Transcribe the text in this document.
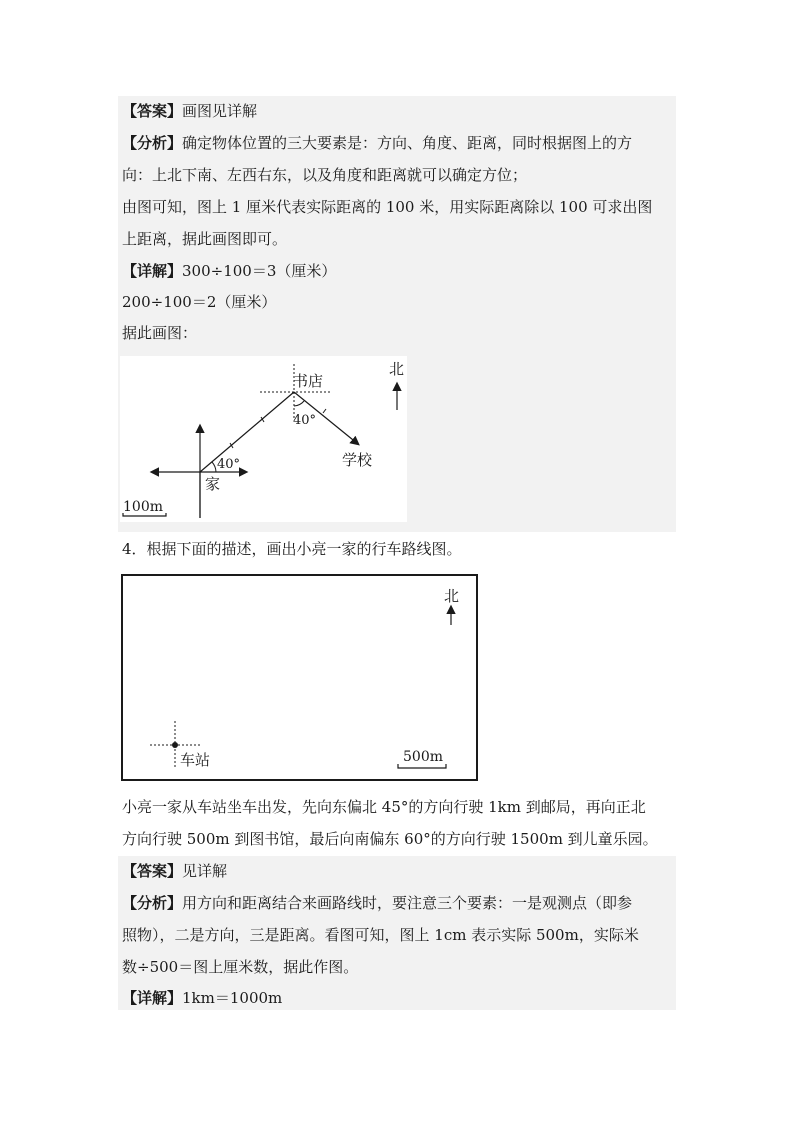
【答案】画图见详解
【分析】确定物体位置的三大要素是：方向、角度、距离，同时根据图上的方
向：上北下南、左西右东，以及角度和距离就可以确定方位；
由图可知，图上 1 厘米代表实际距离的 100 米，用实际距离除以 100 可求出图
上距离，据此画图即可。
【详解】300÷100＝3（厘米）
200÷100＝2（厘米）
据此画图：
书店
40°
学校
40°
家
北
100m
4．根据下面的描述，画出小亮一家的行车路线图。
北
车站	500m
小亮一家从车站坐车出发，先向东偏北 45°的方向行驶 1km 到邮局，再向正北
方向行驶 500m 到图书馆，最后向南偏东 60°的方向行驶 1500m 到儿童乐园。
【答案】见详解
【分析】用方向和距离结合来画路线时，要注意三个要素：一是观测点（即参
照物），二是方向，三是距离。看图可知，图上 1cm 表示实际 500m，实际米
数÷500＝图上厘米数，据此作图。
【详解】1km＝1000m
